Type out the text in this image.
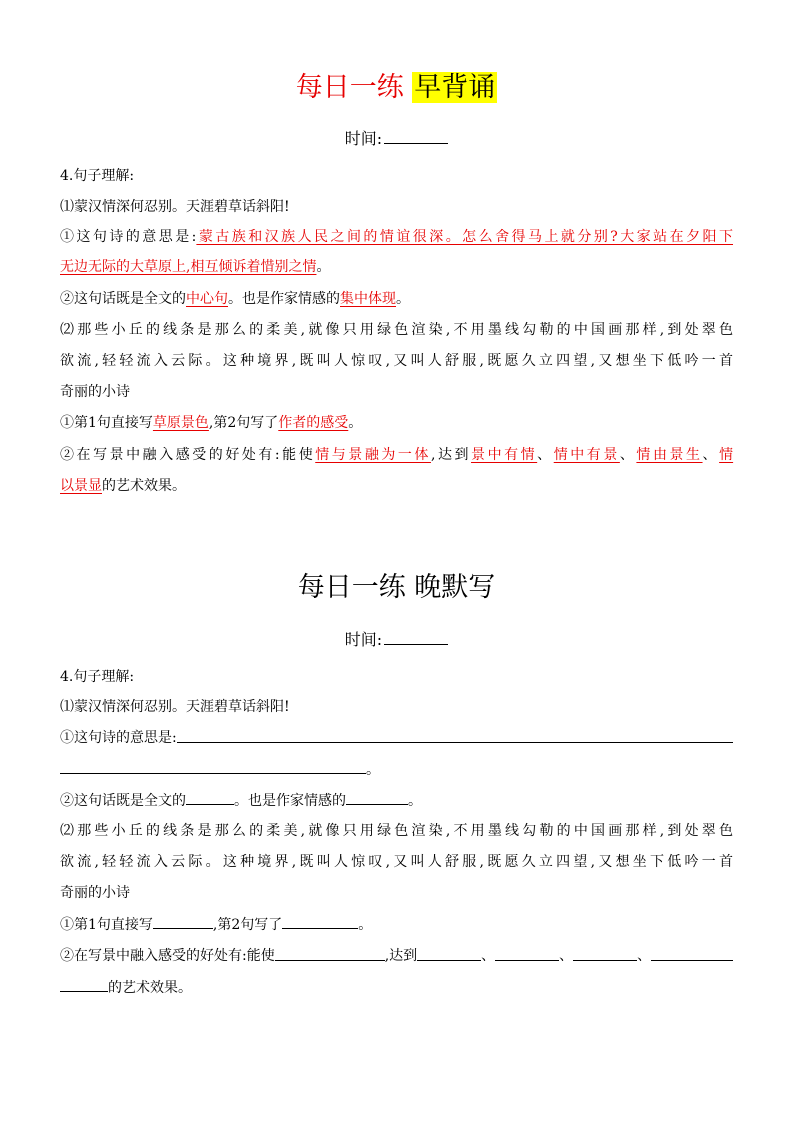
每日一练 早背诵
时间:
4.句子理解:
⑴蒙汉情深何忍别。天涯碧草话斜阳!
①这句诗的意思是:蒙古族和汉族人民之间的情谊很深。怎么舍得马上就分别?大家站在夕阳下
无边无际的大草原上,相互倾诉着惜别之情。
②这句话既是全文的中心句。也是作家情感的集中体现。
⑵那些小丘的线条是那么的柔美,就像只用绿色渲染,不用墨线勾勒的中国画那样,到处翠色
欲流,轻轻流入云际。这种境界,既叫人惊叹,又叫人舒服,既愿久立四望,又想坐下低吟一首
奇丽的小诗
①第1句直接写草原景色,第2句写了作者的感受。
②在写景中融入感受的好处有:能使情与景融为一体,达到景中有情、情中有景、情由景生、情
以景显的艺术效果。
每日一练 晚默写
时间:
4.句子理解:
⑴蒙汉情深何忍别。天涯碧草话斜阳!
①这句诗的意思是:
。
②这句话既是全文的	。也是作家情感的	。
⑵那些小丘的线条是那么的柔美,就像只用绿色渲染,不用墨线勾勒的中国画那样,到处翠色
欲流,轻轻流入云际。这种境界,既叫人惊叹,又叫人舒服,既愿久立四望,又想坐下低吟一首
奇丽的小诗
①第1句直接写	,第2句写了	。
②在写景中融入感受的好处有:能使	,达到	、	、	、
的艺术效果。
